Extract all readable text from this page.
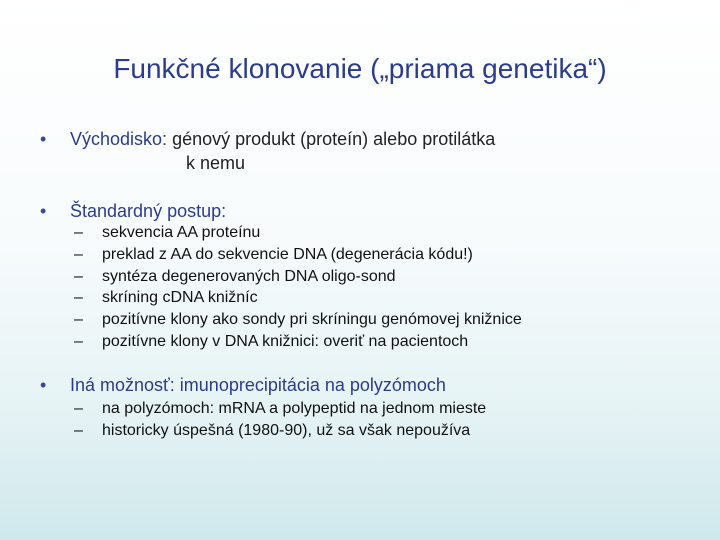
Funkčné klonovanie („priama genetika“)
• Východisko: génový produkt (proteín) alebo protilátka
k nemu
• Štandardný postup:
– sekvencia AA proteínu
– preklad z AA do sekvencie DNA (degenerácia kódu!)
– syntéza degenerovaných DNA oligo-sond
– skríning cDNA knižníc
– pozitívne klony ako sondy pri skríningu genómovej knižnice
– pozitívne klony v DNA knižnici: overiť na pacientoch
• Iná možnosť: imunoprecipitácia na polyzómoch
– na polyzómoch: mRNA a polypeptid na jednom mieste
– historicky úspešná (1980-90), už sa však nepoužíva
